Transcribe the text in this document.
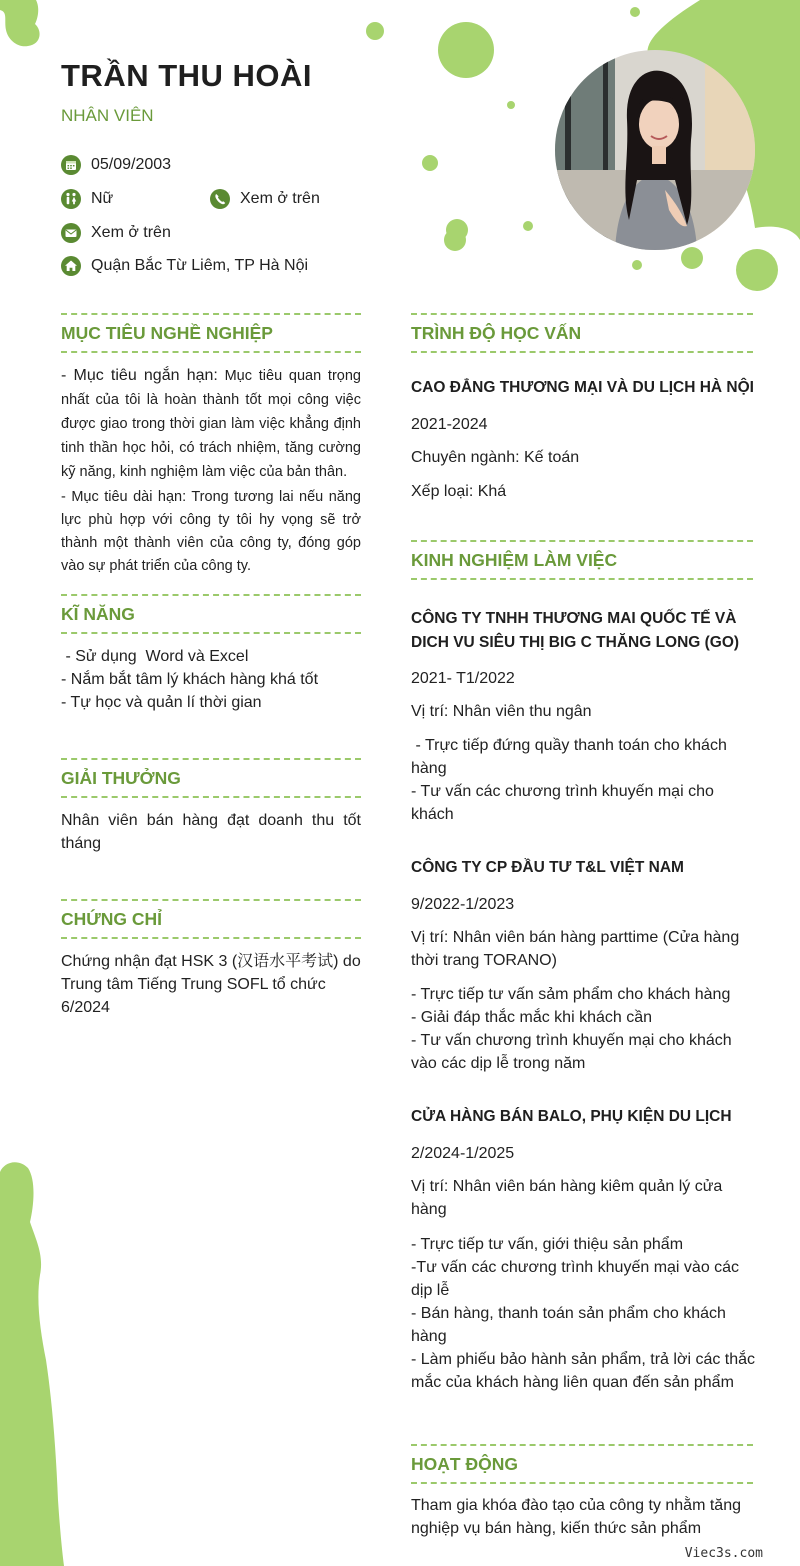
TRẦN THU HOÀI
NHÂN VIÊN
05/09/2003
Nữ	Xem ở trên
Xem ở trên
Quận Bắc Từ Liêm, TP Hà Nội
MỤC TIÊU NGHỀ NGHIỆP
- Mục tiêu ngắn hạn: Mục tiêu quan trọng nhất của tôi là hoàn thành tốt mọi công việc được giao trong thời gian làm việc khẳng định tinh thần học hỏi, có trách nhiệm, tăng cường kỹ năng, kinh nghiệm làm việc của bản thân.
- Mục tiêu dài hạn: Trong tương lai nếu năng lực phù hợp với công ty tôi hy vọng sẽ trở thành một thành viên của công ty, đóng góp vào sự phát triển của công ty.
KĨ NĂNG
- Sử dụng  Word và Excel
- Nắm bắt tâm lý khách hàng khá tốt
- Tự học và quản lí thời gian
GIẢI THƯỞNG
Nhân viên bán hàng đạt doanh thu tốt tháng
CHỨNG CHỈ
Chứng nhận đạt HSK 3 (汉语水平考试) do Trung tâm Tiếng Trung SOFL tổ chức 6/2024
TRÌNH ĐỘ HỌC VẤN
CAO ĐẲNG THƯƠNG MẠI VÀ DU LỊCH HÀ NỘI
2021-2024
Chuyên ngành: Kế toán
Xếp loại: Khá
KINH NGHIỆM LÀM VIỆC
CÔNG TY TNHH THƯƠNG MAI QUỐC TẾ VÀ DICH VU SIÊU THỊ BIG C THĂNG LONG (GO)
2021- T1/2022
Vị trí: Nhân viên thu ngân
- Trực tiếp đứng quầy thanh toán cho khách hàng
- Tư vấn các chương trình khuyến mại cho khách
CÔNG TY CP ĐẦU TƯ T&L VIỆT NAM
9/2022-1/2023
Vị trí: Nhân viên bán hàng parttime (Cửa hàng thời trang TORANO)
- Trực tiếp tư vấn sảm phẩm cho khách hàng
- Giải đáp thắc mắc khi khách cần
- Tư vấn chương trình khuyến mại cho khách vào các dịp lễ trong năm
CỬA HÀNG BÁN BALO, PHỤ KIỆN DU LỊCH
2/2024-1/2025
Vị trí: Nhân viên bán hàng kiêm quản lý cửa hàng
- Trực tiếp tư vấn, giới thiệu sản phẩm
-Tư vấn các chương trình khuyến mại vào các dịp lễ
- Bán hàng, thanh toán sản phẩm cho khách hàng
- Làm phiếu bảo hành sản phẩm, trả lời các thắc mắc của khách hàng liên quan đến sản phẩm
HOẠT ĐỘNG
Tham gia khóa đào tạo của công ty nhằm tăng nghiệp vụ bán hàng, kiến thức sản phẩm
Viec3s.com
